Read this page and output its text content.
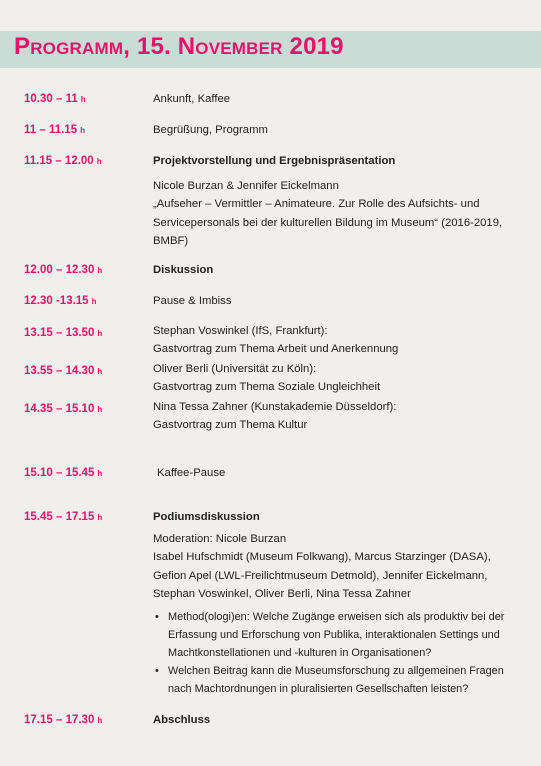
Programm, 15. November 2019
10.30 – 11 h	Ankunft, Kaffee
11 – 11.15 h	Begrüßung, Programm
11.15 – 12.00 h	Projektvorstellung und Ergebnispräsentation
Nicole Burzan & Jennifer Eickelmann
„Aufseher – Vermittler – Animateure. Zur Rolle des Aufsichts- und Servicepersonals bei der kulturellen Bildung im Museum“ (2016-2019, BMBF)
12.00 – 12.30 h	Diskussion
12.30 -13.15 h	Pause & Imbiss
13.15 – 13.50 h	Stephan Voswinkel (IfS, Frankfurt):
Gastvortrag zum Thema Arbeit und Anerkennung
13.55 – 14.30 h	Oliver Berli (Universität zu Köln):
Gastvortrag zum Thema Soziale Ungleichheit
14.35 – 15.10 h	Nina Tessa Zahner (Kunstakademie Düsseldorf):
Gastvortrag zum Thema Kultur
15.10 – 15.45 h	Kaffee-Pause
15.45 – 17.15 h	Podiumsdiskussion
Moderation: Nicole Burzan
Isabel Hufschmidt (Museum Folkwang), Marcus Starzinger (DASA), Gefion Apel (LWL-Freilichtmuseum Detmold), Jennifer Eickelmann, Stephan Voswinkel, Oliver Berli, Nina Tessa Zahner
• Method(ologi)en: Welche Zugänge erweisen sich als produktiv bei der Erfassung und Erforschung von Publika, interaktionalen Settings und Machtkonstellationen und -kulturen in Organisationen?
• Welchen Beitrag kann die Museumsforschung zu allgemeinen Fragen nach Machtordnungen in pluralisierten Gesellschaften leisten?
17.15 – 17.30 h	Abschluss
